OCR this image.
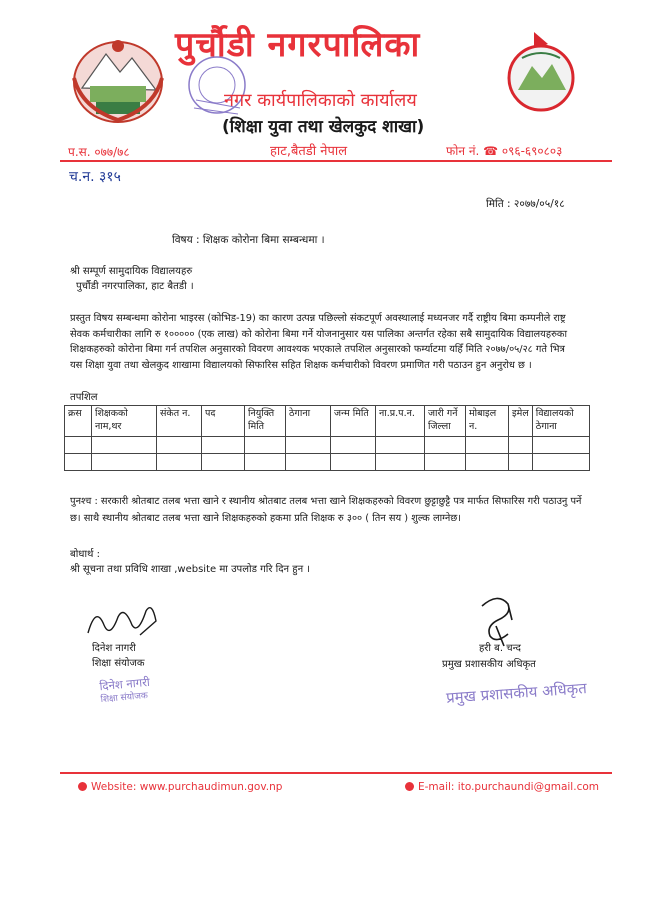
पुर्चौडी नगरपालिका
नगर कार्यपालिकाको कार्यालय
(शिक्षा युवा तथा खेलकुद शाखा)
प.स. ०७७/७८	हाट,बैतडी नेपाल	फोन नं. ☎ ०९६-६९०८०३
च.न. ३१५
मिति : २०७७/०५/१८
विषय : शिक्षक कोरोना बिमा सम्बन्धमा ।
श्री सम्पूर्ण सामुदायिक विद्यालयहरु
पुर्चौडी नगरपालिका, हाट बैतडी ।
प्रस्तुत विषय सम्बन्धमा कोरोना भाइरस (कोभिड-19) का कारण उत्पन्न पछिल्लो संकटपूर्ण अवस्थालाई मध्यनजर गर्दै राष्ट्रीय बिमा कम्पनीले राष्ट्र
सेवक कर्मचारीका लागि रु १००००० (एक लाख) को कोरोना बिमा गर्ने योजनानुसार यस पालिका अन्तर्गत रहेका सबै सामुदायिक विद्यालयहरुका
शिक्षकहरुको कोरोना बिमा गर्न तपशिल अनुसारको विवरण आवश्यक भएकाले तपशिल अनुसारको फर्म्याटमा यहिँ मिति २०७७/०५/२८ गते भित्र
यस शिक्षा युवा तथा खेलकुद शाखामा विद्यालयको सिफारिस सहित शिक्षक कर्मचारीको विवरण प्रमाणित गरी पठाउन हुन अनुरोध छ ।
तपशिल
क्रस	शिक्षकको नाम,थर	संकेत न.	पद	नियुक्ति मिति	ठेगाना	जन्म मिति	ना.प्र.प.न.	जारी गर्ने जिल्ला	मोबाइल न.	इमेल	विद्यालयको ठेगाना

पुनश्च : सरकारी श्रोतबाट तलब भत्ता खाने र स्थानीय श्रोतबाट तलब भत्ता खाने शिक्षकहरुको विवरण छुट्टाछुट्टै पत्र मार्फत सिफारिस गरी पठाउनु पर्ने
छ। साथै स्थानीय श्रोतबाट तलब भत्ता खाने शिक्षकहरुको हकमा प्रति शिक्षक रु ३०० ( तिन सय ) शुल्क लाग्नेछ।
बोधार्थ :
श्री सूचना तथा प्रविधि शाखा ,website मा उपलोड गरि दिन हुन ।
दिनेश नागरी
शिक्षा संयोजक
दिनेश नागरी
शिक्षा संयोजक
हरी ब. चन्द
प्रमुख प्रशासकीय अधिकृत
प्रमुख प्रशासकीय अधिकृत
Website: www.purchaudimun.gov.np	E-mail: ito.purchaundi@gmail.com
